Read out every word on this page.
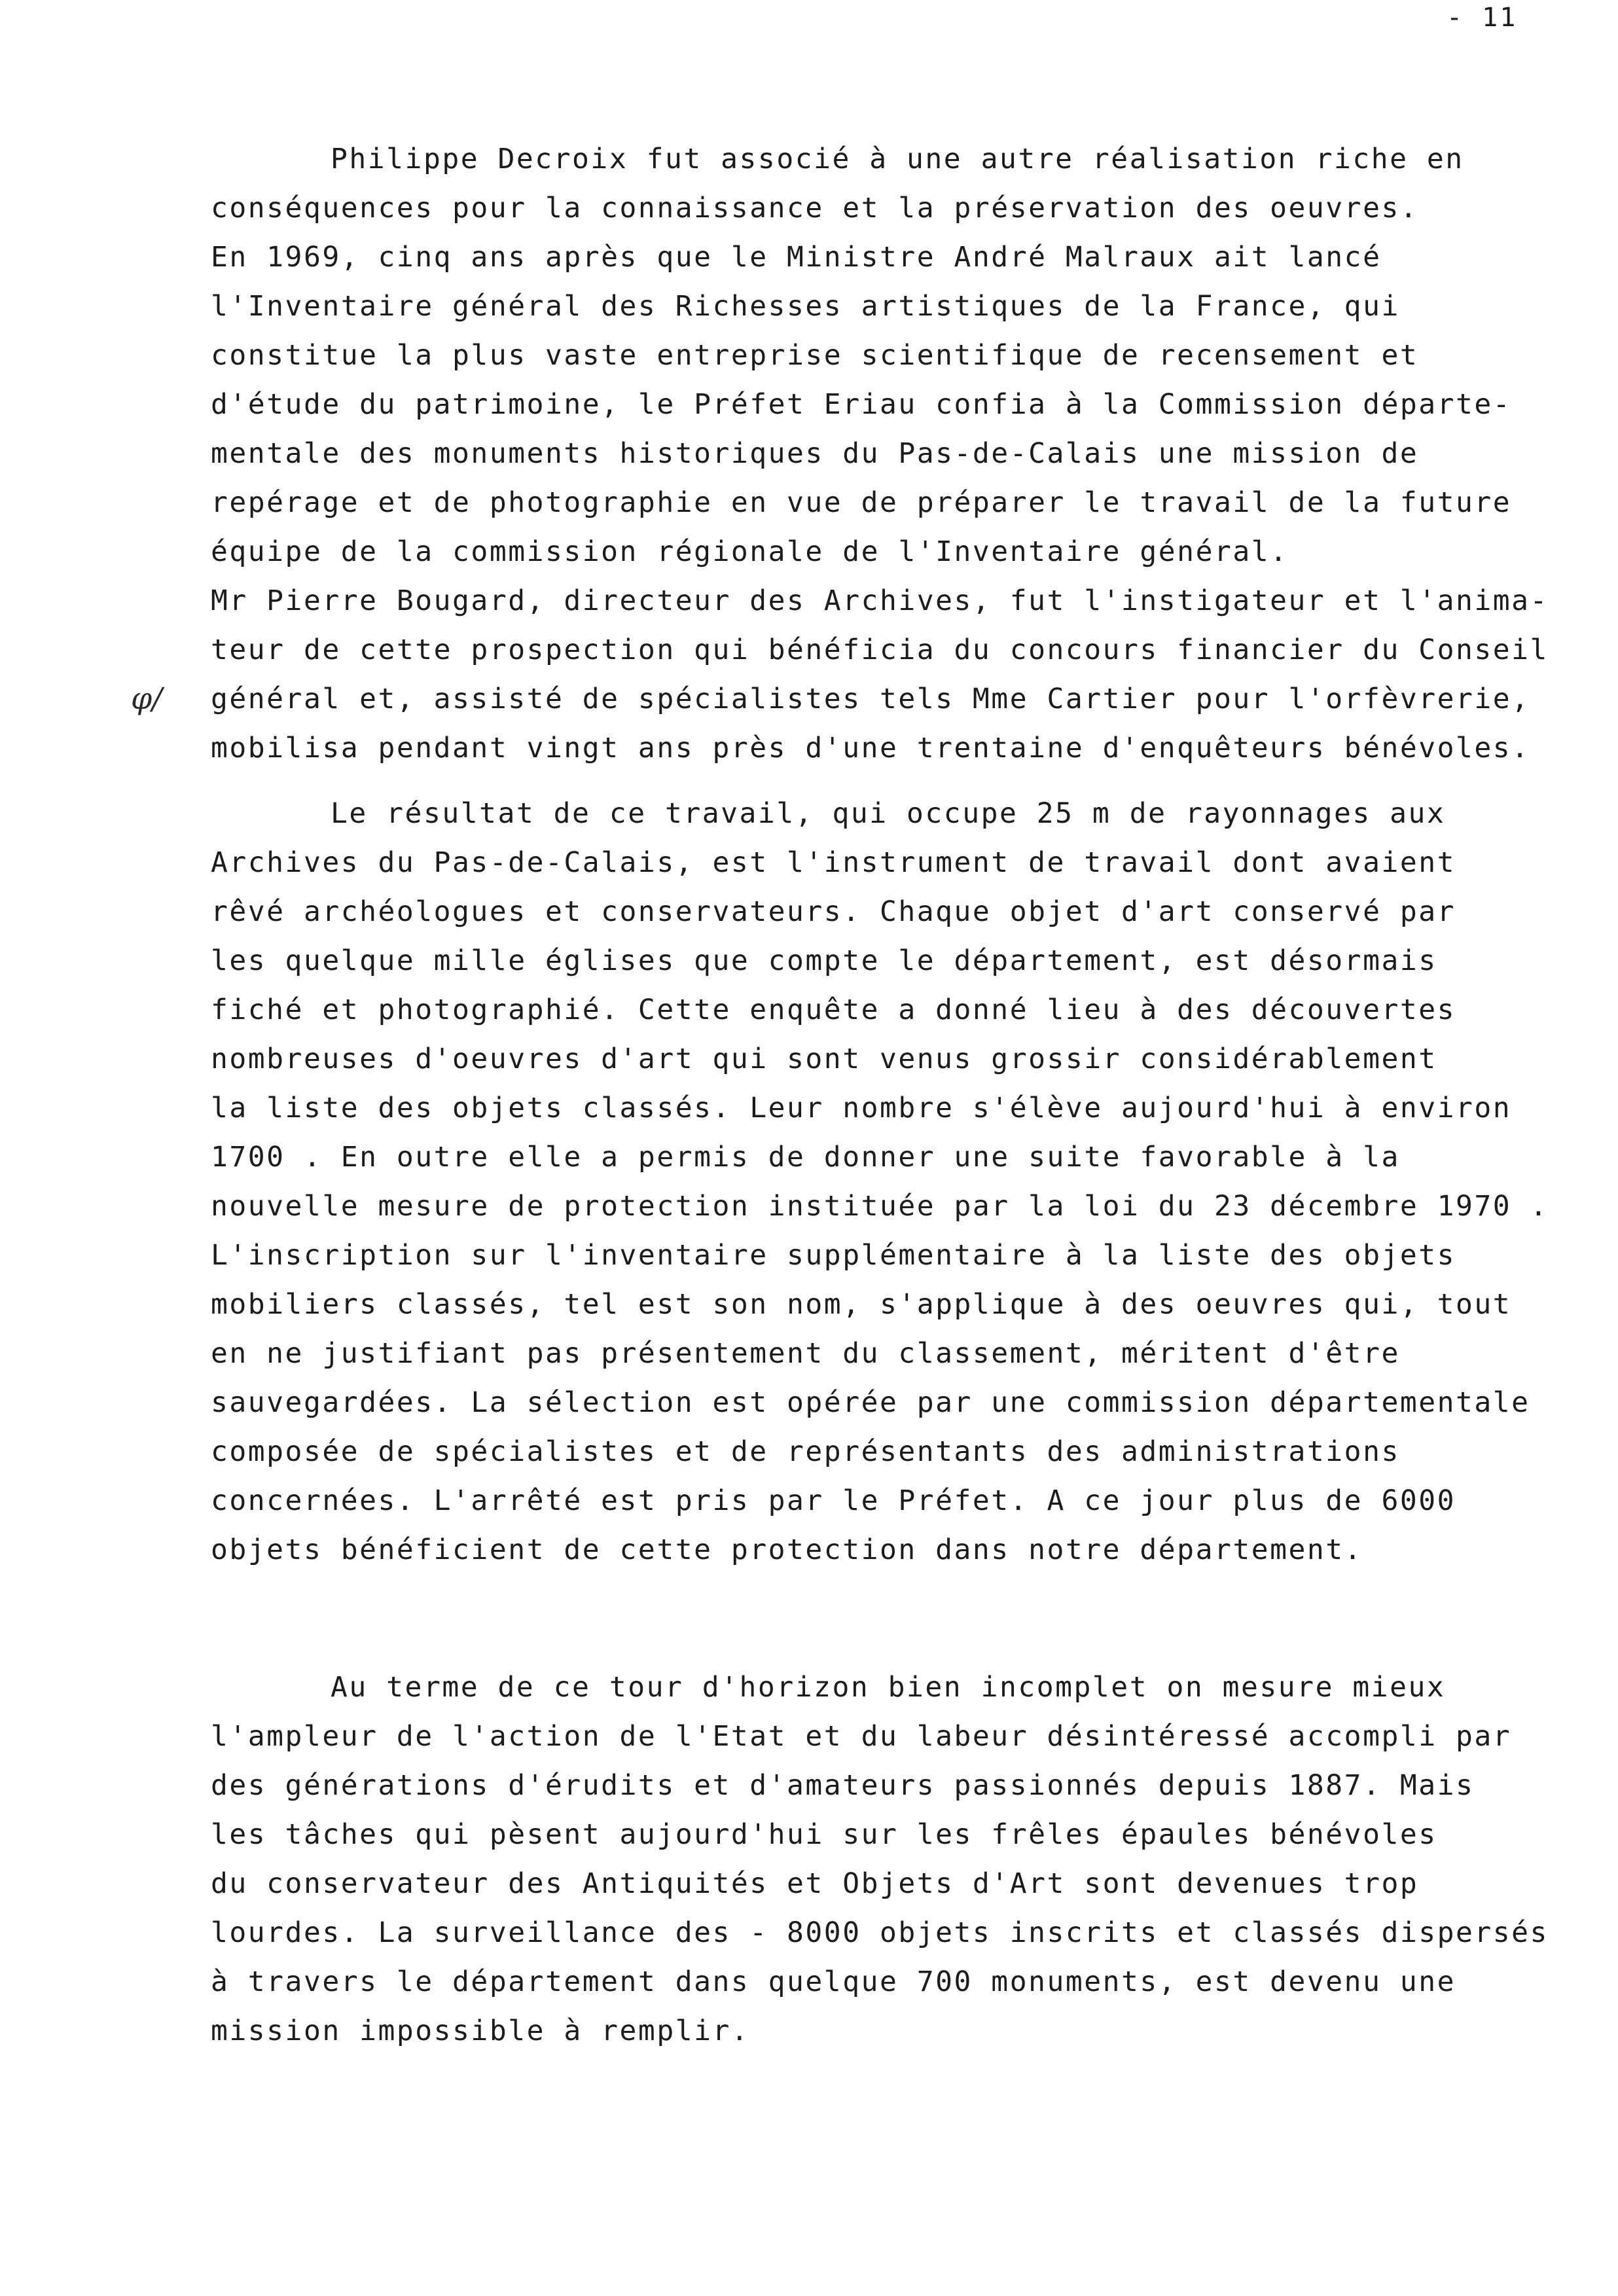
- 11
φ/
Philippe Decroix fut associé à une autre réalisation riche en
conséquences pour la connaissance et la préservation des oeuvres.
En 1969, cinq ans après que le Ministre André Malraux ait lancé
l'Inventaire général des Richesses artistiques de la France, qui
constitue la plus vaste entreprise scientifique de recensement et
d'étude du patrimoine, le Préfet Eriau confia à la Commission départe-
mentale des monuments historiques du Pas-de-Calais une mission de
repérage et de photographie en vue de préparer le travail de la future
équipe de la commission régionale de l'Inventaire général.
Mr Pierre Bougard, directeur des Archives, fut l'instigateur et l'anima-
teur de cette prospection qui bénéficia du concours financier du Conseil
général et, assisté de spécialistes tels Mme Cartier pour l'orfèvrerie,
mobilisa pendant vingt ans près d'une trentaine d'enquêteurs bénévoles.
Le résultat de ce travail, qui occupe 25 m de rayonnages aux
Archives du Pas-de-Calais, est l'instrument de travail dont avaient
rêvé archéologues et conservateurs. Chaque objet d'art conservé par
les quelque mille églises que compte le département, est désormais
fiché et photographié. Cette enquête a donné lieu à des découvertes
nombreuses d'oeuvres d'art qui sont venus grossir considérablement
la liste des objets classés. Leur nombre s'élève aujourd'hui à environ
1700 . En outre elle a permis de donner une suite favorable à la
nouvelle mesure de protection instituée par la loi du 23 décembre 1970 .
L'inscription sur l'inventaire supplémentaire à la liste des objets
mobiliers classés, tel est son nom, s'applique à des oeuvres qui, tout
en ne justifiant pas présentement du classement, méritent d'être
sauvegardées. La sélection est opérée par une commission départementale
composée de spécialistes et de représentants des administrations
concernées. L'arrêté est pris par le Préfet. A ce jour plus de 6000
objets bénéficient de cette protection dans notre département.
Au terme de ce tour d'horizon bien incomplet on mesure mieux
l'ampleur de l'action de l'Etat et du labeur désintéressé accompli par
des générations d'érudits et d'amateurs passionnés depuis 1887. Mais
les tâches qui pèsent aujourd'hui sur les frêles épaules bénévoles
du conservateur des Antiquités et Objets d'Art sont devenues trop
lourdes. La surveillance des - 8000 objets inscrits et classés dispersés
à travers le département dans quelque 700 monuments, est devenu une
mission impossible à remplir.
